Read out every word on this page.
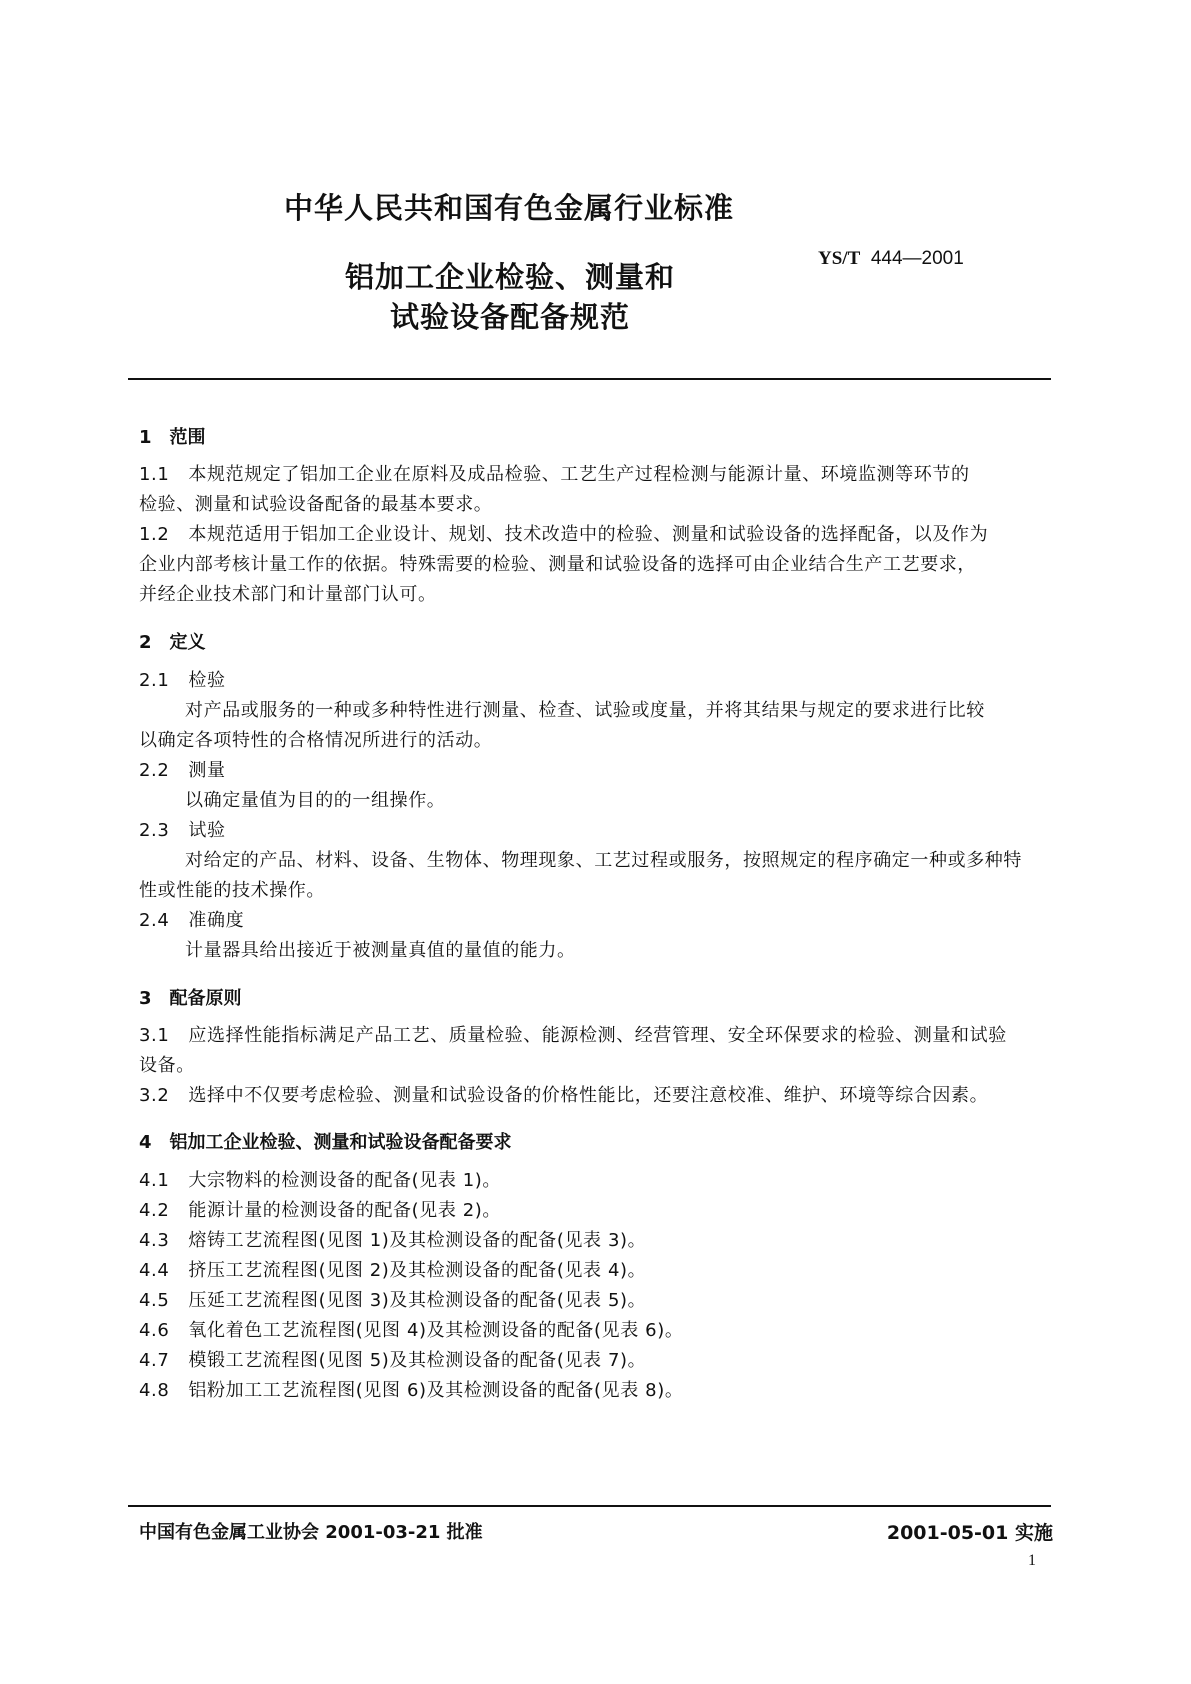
中华人民共和国有色金属行业标准
YS/T 444—2001
铝加工企业检验、测量和
试验设备配备规范
1　范围
1.1 本规范规定了铝加工企业在原料及成品检验、工艺生产过程检测与能源计量、环境监测等环节的
检验、测量和试验设备配备的最基本要求。
1.2 本规范适用于铝加工企业设计、规划、技术改造中的检验、测量和试验设备的选择配备，以及作为
企业内部考核计量工作的依据。特殊需要的检验、测量和试验设备的选择可由企业结合生产工艺要求，
并经企业技术部门和计量部门认可。
2　定义
2.1 检验
对产品或服务的一种或多种特性进行测量、检查、试验或度量，并将其结果与规定的要求进行比较
以确定各项特性的合格情况所进行的活动。
2.2 测量
以确定量值为目的的一组操作。
2.3 试验
对给定的产品、材料、设备、生物体、物理现象、工艺过程或服务，按照规定的程序确定一种或多种特
性或性能的技术操作。
2.4 准确度
计量器具给出接近于被测量真值的量值的能力。
3　配备原则
3.1 应选择性能指标满足产品工艺、质量检验、能源检测、经营管理、安全环保要求的检验、测量和试验
设备。
3.2 选择中不仅要考虑检验、测量和试验设备的价格性能比，还要注意校准、维护、环境等综合因素。
4　铝加工企业检验、测量和试验设备配备要求
4.1 大宗物料的检测设备的配备(见表 1)。
4.2 能源计量的检测设备的配备(见表 2)。
4.3 熔铸工艺流程图(见图 1)及其检测设备的配备(见表 3)。
4.4 挤压工艺流程图(见图 2)及其检测设备的配备(见表 4)。
4.5 压延工艺流程图(见图 3)及其检测设备的配备(见表 5)。
4.6 氧化着色工艺流程图(见图 4)及其检测设备的配备(见表 6)。
4.7 模锻工艺流程图(见图 5)及其检测设备的配备(见表 7)。
4.8 铝粉加工工艺流程图(见图 6)及其检测设备的配备(见表 8)。
中国有色金属工业协会 2001-03-21 批准	2001-05-01 实施
1
